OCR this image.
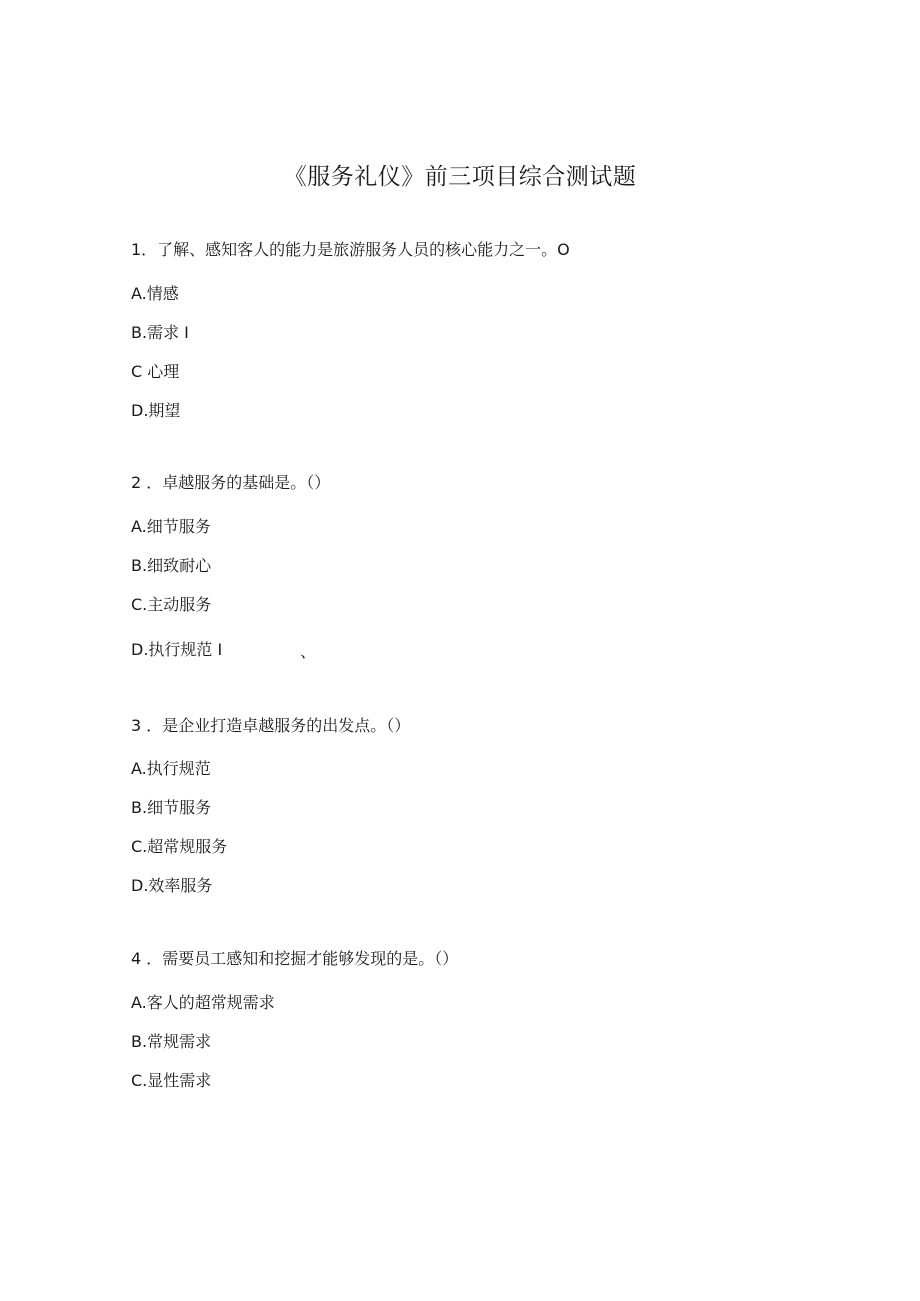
《服务礼仪》前三项目综合测试题
1．了解、感知客人的能力是旅游服务人员的核心能力之一。O
A.情感
B.需求 I
C 心理
D.期望
2 ．卓越服务的基础是。（）
A.细节服务
B.细致耐心
C.主动服务
D.执行规范 I	、
3 ．是企业打造卓越服务的出发点。（）
A.执行规范
B.细节服务
C.超常规服务
D.效率服务
4 ．需要员工感知和挖掘才能够发现的是。（）
A.客人的超常规需求
B.常规需求
C.显性需求
